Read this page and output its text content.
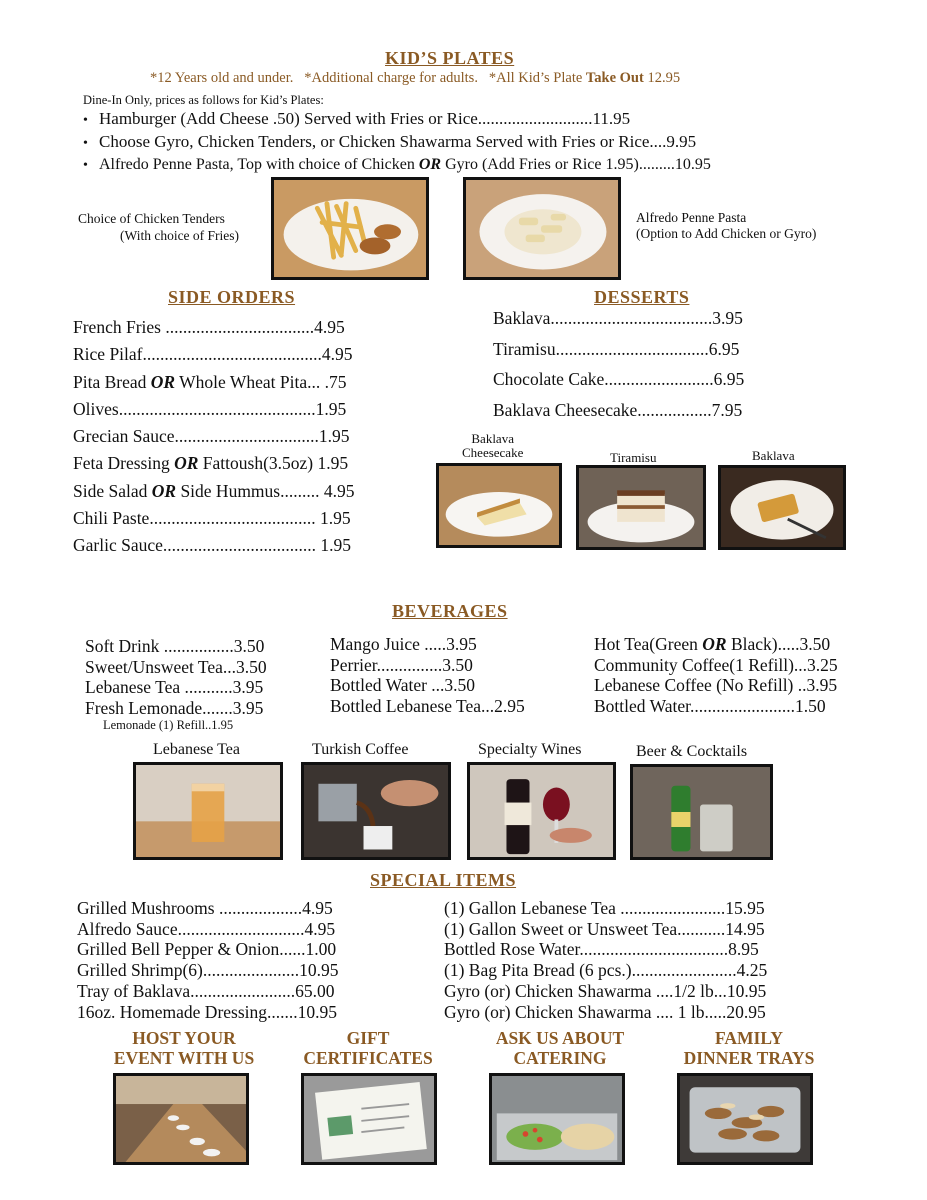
KID’S PLATES
*12 Years old and under. *Additional charge for adults. *All Kid’s Plate Take Out 12.95
Dine-In Only, prices as follows for Kid’s Plates:
• Hamburger (Add Cheese .50) Served with Fries or Rice...........................11.95
• Choose Gyro, Chicken Tenders, or Chicken Shawarma Served with Fries or Rice....9.95
• Alfredo Penne Pasta, Top with choice of Chicken OR Gyro (Add Fries or Rice 1.95).........10.95
Choice of Chicken Tenders
(With choice of Fries)
Alfredo Penne Pasta
(Option to Add Chicken or Gyro)
SIDE ORDERS
French Fries ..................................4.95
Rice Pilaf.........................................4.95
Pita Bread OR Whole Wheat Pita... .75
Olives.............................................1.95
Grecian Sauce.................................1.95
Feta Dressing OR Fattoush(3.5oz) 1.95
Side Salad OR Side Hummus......... 4.95
Chili Paste...................................... 1.95
Garlic Sauce................................... 1.95
DESSERTS
Baklava.....................................3.95
Tiramisu...................................6.95
Chocolate Cake.........................6.95
Baklava Cheesecake.................7.95
Baklava
Cheesecake	Tiramisu	Baklava
BEVERAGES
Soft Drink ................3.50
Sweet/Unsweet Tea...3.50
Lebanese Tea ...........3.95
Fresh Lemonade.......3.95
Lemonade (1) Refill..1.95
Mango Juice .....3.95
Perrier...............3.50
Bottled Water ...3.50
Bottled Lebanese Tea...2.95
Hot Tea(Green OR Black).....3.50
Community Coffee(1 Refill)...3.25
Lebanese Coffee (No Refill) ..3.95
Bottled Water........................1.50
Lebanese Tea	Turkish Coffee	Specialty Wines	Beer & Cocktails
SPECIAL ITEMS
Grilled Mushrooms ...................4.95
Alfredo Sauce.............................4.95
Grilled Bell Pepper & Onion......1.00
Grilled Shrimp(6)......................10.95
Tray of Baklava........................65.00
16oz. Homemade Dressing.......10.95
(1) Gallon Lebanese Tea ........................15.95
(1) Gallon Sweet or Unsweet Tea...........14.95
Bottled Rose Water..................................8.95
(1) Bag Pita Bread (6 pcs.)........................4.25
Gyro (or) Chicken Shawarma ....1/2 lb...10.95
Gyro (or) Chicken Shawarma .... 1 lb.....20.95
HOST YOUR
EVENT WITH US
GIFT
CERTIFICATES
ASK US ABOUT
CATERING
FAMILY
DINNER TRAYS
